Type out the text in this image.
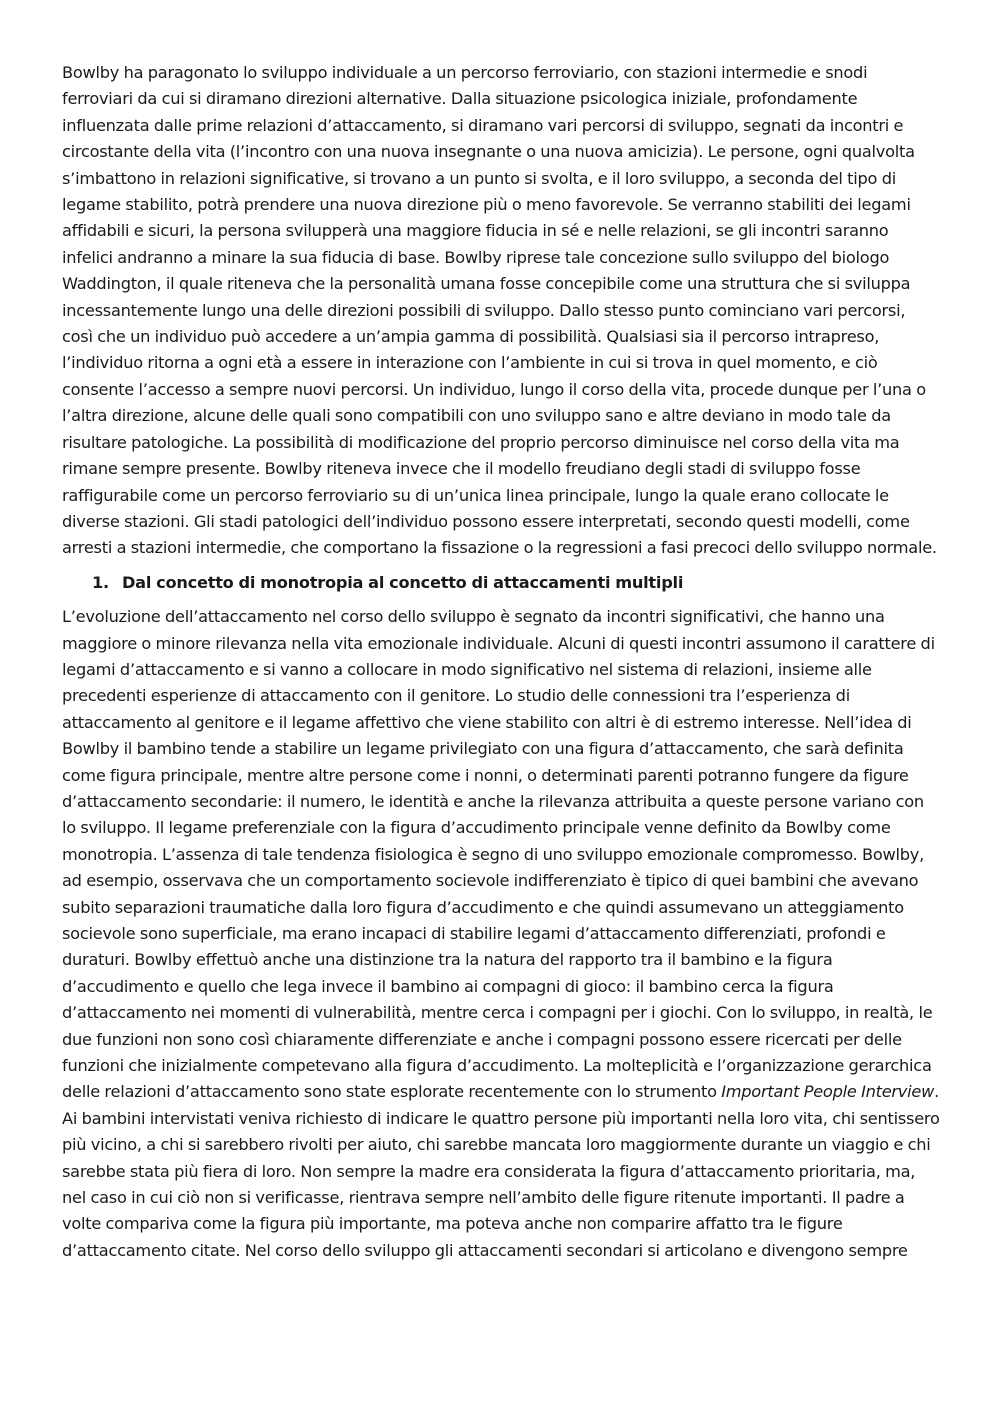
Bowlby ha paragonato lo sviluppo individuale a un percorso ferroviario, con stazioni intermedie e snodi ferroviari da cui si diramano direzioni alternative. Dalla situazione psicologica iniziale, profondamente influenzata dalle prime relazioni d’attaccamento, si diramano vari percorsi di sviluppo, segnati da incontri e circostante della vita (l’incontro con una nuova insegnante o una nuova amicizia). Le persone, ogni qualvolta s’imbattono in relazioni significative, si trovano a un punto si svolta, e il loro sviluppo, a seconda del tipo di legame stabilito, potrà prendere una nuova direzione più o meno favorevole. Se verranno stabiliti dei legami affidabili e sicuri, la persona svilupperà una maggiore fiducia in sé e nelle relazioni, se gli incontri saranno infelici andranno a minare la sua fiducia di base. Bowlby riprese tale concezione sullo sviluppo del biologo Waddington, il quale riteneva che la personalità umana fosse concepibile come una struttura che si sviluppa incessantemente lungo una delle direzioni possibili di sviluppo. Dallo stesso punto cominciano vari percorsi, così che un individuo può accedere a un’ampia gamma di possibilità. Qualsiasi sia il percorso intrapreso, l’individuo ritorna a ogni età a essere in interazione con l’ambiente in cui si trova in quel momento, e ciò consente l’accesso a sempre nuovi percorsi. Un individuo, lungo il corso della vita, procede dunque per l’una o l’altra direzione, alcune delle quali sono compatibili con uno sviluppo sano e altre deviano in modo tale da risultare patologiche. La possibilità di modificazione del proprio percorso diminuisce nel corso della vita ma rimane sempre presente. Bowlby riteneva invece che il modello freudiano degli stadi di sviluppo fosse raffigurabile come un percorso ferroviario su di un’unica linea principale, lungo la quale erano collocate le diverse stazioni. Gli stadi patologici dell’individuo possono essere interpretati, secondo questi modelli, come arresti a stazioni intermedie, che comportano la fissazione o la regressioni a fasi precoci dello sviluppo normale.

1. Dal concetto di monotropia al concetto di attaccamenti multipli

L’evoluzione dell’attaccamento nel corso dello sviluppo è segnato da incontri significativi, che hanno una maggiore o minore rilevanza nella vita emozionale individuale. Alcuni di questi incontri assumono il carattere di legami d’attaccamento e si vanno a collocare in modo significativo nel sistema di relazioni, insieme alle precedenti esperienze di attaccamento con il genitore. Lo studio delle connessioni tra l’esperienza di attaccamento al genitore e il legame affettivo che viene stabilito con altri è di estremo interesse. Nell’idea di Bowlby il bambino tende a stabilire un legame privilegiato con una figura d’attaccamento, che sarà definita come figura principale, mentre altre persone come i nonni, o determinati parenti potranno fungere da figure d’attaccamento secondarie: il numero, le identità e anche la rilevanza attribuita a queste persone variano con lo sviluppo. Il legame preferenziale con la figura d’accudimento principale venne definito da Bowlby come monotropia. L’assenza di tale tendenza fisiologica è segno di uno sviluppo emozionale compromesso. Bowlby, ad esempio, osservava che un comportamento socievole indifferenziato è tipico di quei bambini che avevano subito separazioni traumatiche dalla loro figura d’accudimento e che quindi assumevano un atteggiamento socievole sono superficiale, ma erano incapaci di stabilire legami d’attaccamento differenziati, profondi e duraturi. Bowlby effettuò anche una distinzione tra la natura del rapporto tra il bambino e la figura d’accudimento e quello che lega invece il bambino ai compagni di gioco: il bambino cerca la figura d’attaccamento nei momenti di vulnerabilità, mentre cerca i compagni per i giochi. Con lo sviluppo, in realtà, le due funzioni non sono così chiaramente differenziate e anche i compagni possono essere ricercati per delle funzioni che inizialmente competevano alla figura d’accudimento. La molteplicità e l’organizzazione gerarchica delle relazioni d’attaccamento sono state esplorate recentemente con lo strumento Important People Interview. Ai bambini intervistati veniva richiesto di indicare le quattro persone più importanti nella loro vita, chi sentissero più vicino, a chi si sarebbero rivolti per aiuto, chi sarebbe mancata loro maggiormente durante un viaggio e chi sarebbe stata più fiera di loro. Non sempre la madre era considerata la figura d’attaccamento prioritaria, ma, nel caso in cui ciò non si verificasse, rientrava sempre nell’ambito delle figure ritenute importanti. Il padre a volte compariva come la figura più importante, ma poteva anche non comparire affatto tra le figure d’attaccamento citate. Nel corso dello sviluppo gli attaccamenti secondari si articolano e divengono sempre
